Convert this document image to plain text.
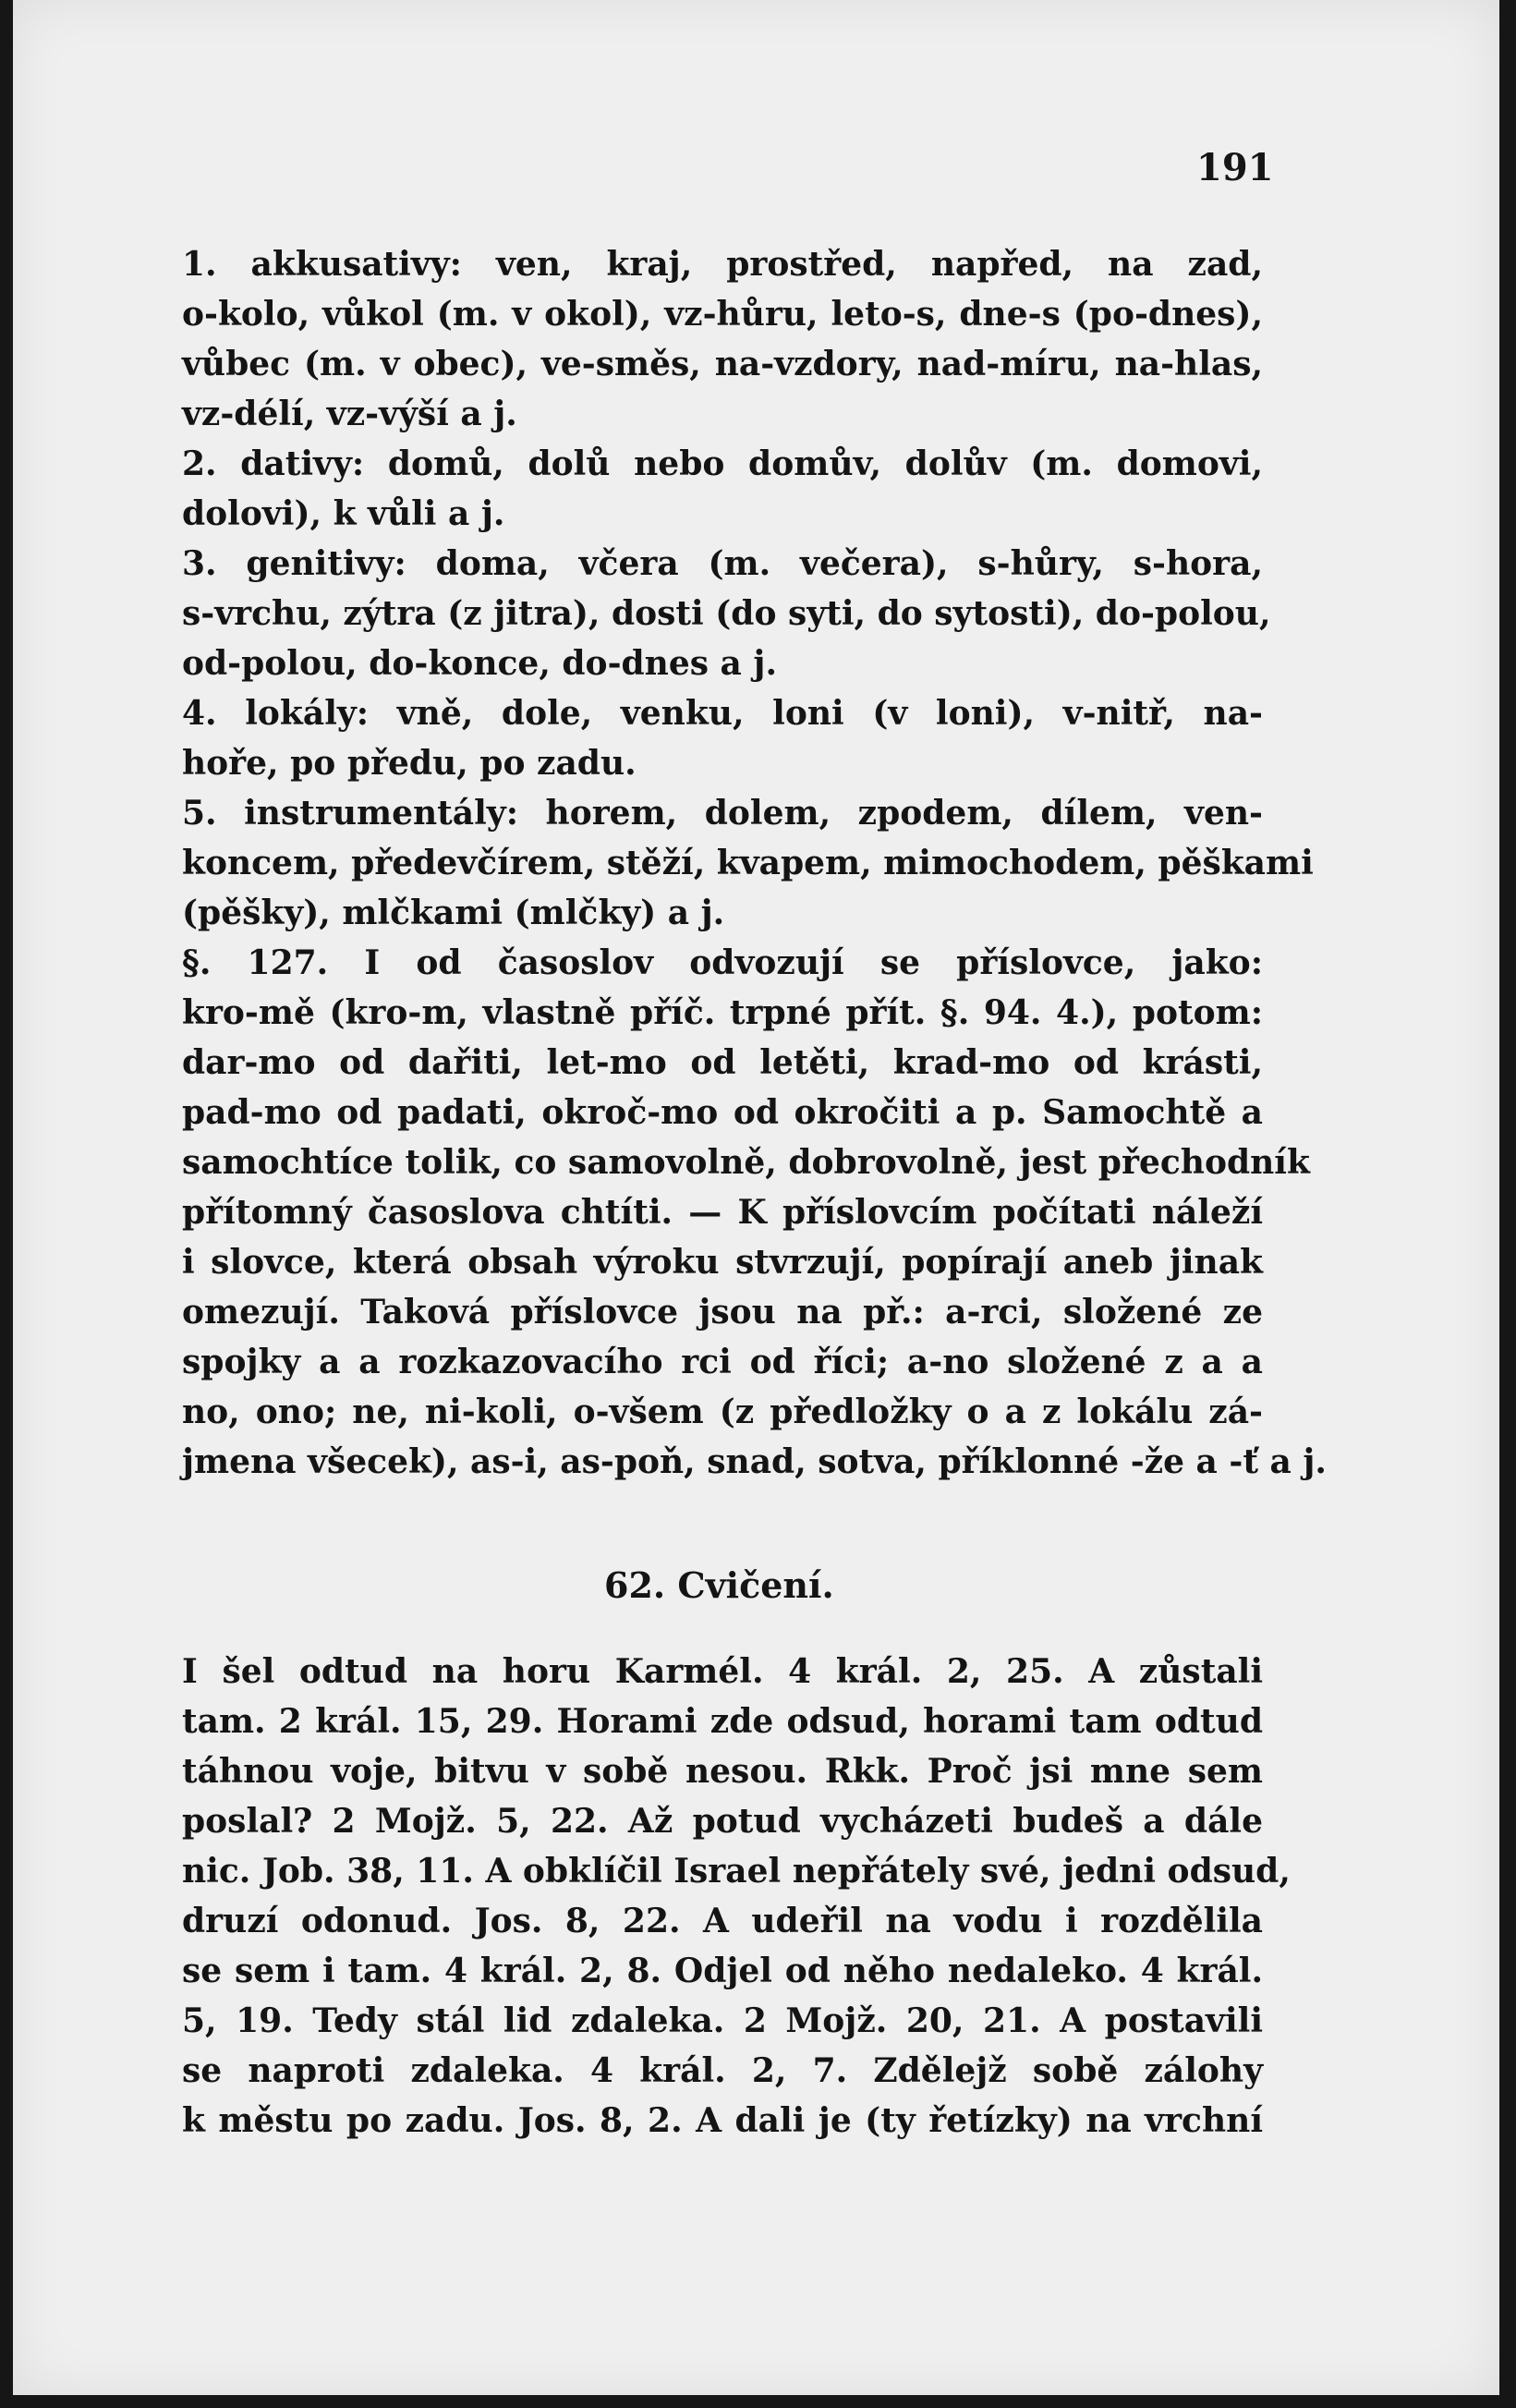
191
1. akkusativy: ven, kraj, prostřed, napřed, na zad,
o-kolo, vůkol (m. v okol), vz-hůru, leto-s, dne-s (po-dnes),
vůbec (m. v obec), ve-směs, na-vzdory, nad-míru, na-hlas,
vz-délí, vz-výší a j.
2. dativy: domů, dolů nebo domův, dolův (m. domovi,
dolovi), k vůli a j.
3. genitivy: doma, včera (m. večera), s-hůry, s-hora,
s-vrchu, zýtra (z jitra), dosti (do syti, do sytosti), do-polou,
od-polou, do-konce, do-dnes a j.
4. lokály: vně, dole, venku, loni (v loni), v-nitř, na-
hoře, po předu, po zadu.
5. instrumentály: horem, dolem, zpodem, dílem, ven-
koncem, předevčírem, stěží, kvapem, mimochodem, pěškami
(pěšky), mlčkami (mlčky) a j.
§. 127. I od časoslov odvozují se příslovce, jako:
kro-mě (kro-m, vlastně příč. trpné přít. §. 94. 4.), potom:
dar-mo od dařiti, let-mo od letěti, krad-mo od krásti,
pad-mo od padati, okroč-mo od okročiti a p. Samochtě a
samochtíce tolik, co samovolně, dobrovolně, jest přechodník
přítomný časoslova chtíti. — K příslovcím počítati náleží
i slovce, která obsah výroku stvrzují, popírají aneb jinak
omezují. Taková příslovce jsou na př.: a-rci, složené ze
spojky a a rozkazovacího rci od říci; a-no složené z a a
no, ono; ne, ni-koli, o-všem (z předložky o a z lokálu zá-
jmena všecek), as-i, as-poň, snad, sotva, příklonné -že a -ť a j.
62. Cvičení.
I šel odtud na horu Karmél. 4 král. 2, 25. A zůstali
tam. 2 král. 15, 29. Horami zde odsud, horami tam odtud
táhnou voje, bitvu v sobě nesou. Rkk. Proč jsi mne sem
poslal? 2 Mojž. 5, 22. Až potud vycházeti budeš a dále
nic. Job. 38, 11. A obklíčil Israel nepřátely své, jedni odsud,
druzí odonud. Jos. 8, 22. A udeřil na vodu i rozdělila
se sem i tam. 4 král. 2, 8. Odjel od něho nedaleko. 4 král.
5, 19. Tedy stál lid zdaleka. 2 Mojž. 20, 21. A postavili
se naproti zdaleka. 4 král. 2, 7. Zdělejž sobě zálohy
k městu po zadu. Jos. 8, 2. A dali je (ty řetízky) na vrchní
